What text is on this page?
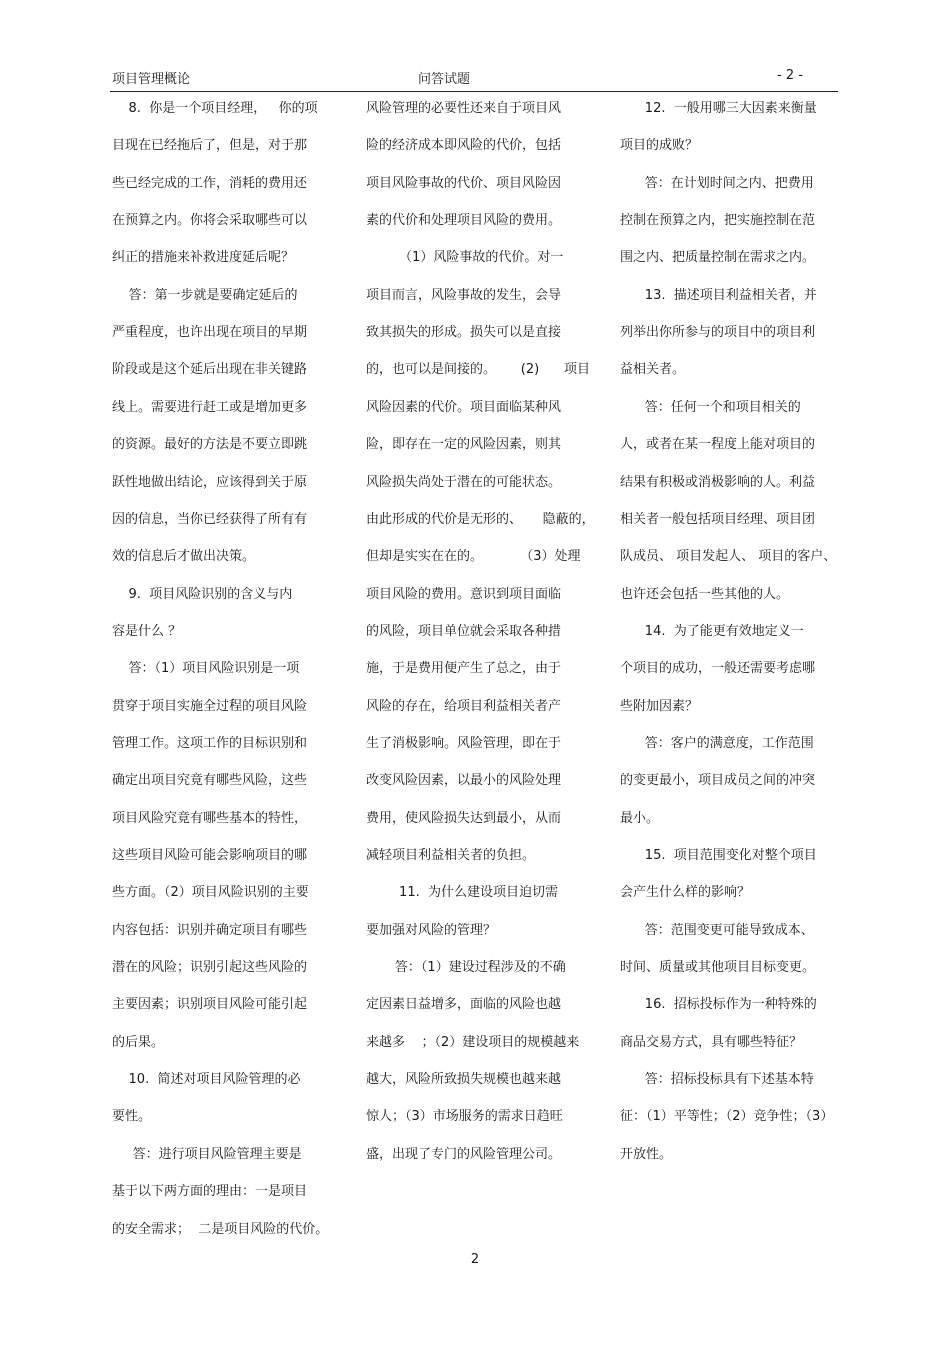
项目管理概论	问答试题	- 2 -
8.  你是一个项目经理，   你的项
目现在已经拖后了，但是，对于那
些已经完成的工作，消耗的费用还
在预算之内。你将会采取哪些可以
纠正的措施来补救进度延后呢？
答：第一步就是要确定延后的
严重程度，也许出现在项目的早期
阶段或是这个延后出现在非关键路
线上。需要进行赶工或是增加更多
的资源。最好的方法是不要立即跳
跃性地做出结论，应该得到关于原
因的信息，当你已经获得了所有有
效的信息后才做出决策。
9.  项目风险识别的含义与内
容是什么 ？
答：（1）项目风险识别是一项
贯穿于项目实施全过程的项目风险
管理工作。这项工作的目标识别和
确定出项目究竟有哪些风险，这些
项目风险究竟有哪些基本的特性，
这些项目风险可能会影响项目的哪
些方面。（2）项目风险识别的主要
内容包括：识别并确定项目有哪些
潜在的风险；识别引起这些风险的
主要因素；识别项目风险可能引起
的后果。
10.  简述对项目风险管理的必
要性。
答：进行项目风险管理主要是
基于以下两方面的理由：一是项目
的安全需求；  二是项目风险的代价。
风险管理的必要性还来自于项目风
险的经济成本即风险的代价，包括
项目风险事故的代价、项目风险因
素的代价和处理项目风险的费用。
（1）风险事故的代价。对一
项目而言，风险事故的发生，会导
致其损失的形成。损失可以是直接
的，也可以是间接的。      (2)      项目
风险因素的代价。项目面临某种风
险，即存在一定的风险因素，则其
风险损失尚处于潜在的可能状态。
由此形成的代价是无形的、     隐蔽的，
但却是实实在在的。         （3）处理
项目风险的费用。意识到项目面临
的风险，项目单位就会采取各种措
施，于是费用便产生了总之，由于
风险的存在，给项目利益相关者产
生了消极影响。风险管理，即在于
改变风险因素，以最小的风险处理
费用，使风险损失达到最小，从而
减轻项目利益相关者的负担。
11.  为什么建设项目迫切需
要加强对风险的管理？
答：（1）建设过程涉及的不确
定因素日益增多，面临的风险也越
来越多    ；（2）建设项目的规模越来
越大，风险所致损失规模也越来越
惊人；（3）市场服务的需求日趋旺
盛，出现了专门的风险管理公司。
12.  一般用哪三大因素来衡量
项目的成败？
答：在计划时间之内、把费用
控制在预算之内，把实施控制在范
围之内、把质量控制在需求之内。
13.  描述项目利益相关者，并
列举出你所参与的项目中的项目利
益相关者。
答：任何一个和项目相关的
人，或者在某一程度上能对项目的
结果有积极或消极影响的人。利益
相关者一般包括项目经理、项目团
队成员、 项目发起人、 项目的客户、
也许还会包括一些其他的人。
14.  为了能更有效地定义一
个项目的成功，一般还需要考虑哪
些附加因素？
答：客户的满意度，工作范围
的变更最小，项目成员之间的冲突
最小。
15.  项目范围变化对整个项目
会产生什么样的影响？
答：范围变更可能导致成本、
时间、质量或其他项目目标变更。
16.  招标投标作为一种特殊的
商品交易方式，具有哪些特征？
答：招标投标具有下述基本特
征：（1）平等性；（2）竞争性；（3）
开放性。
2
